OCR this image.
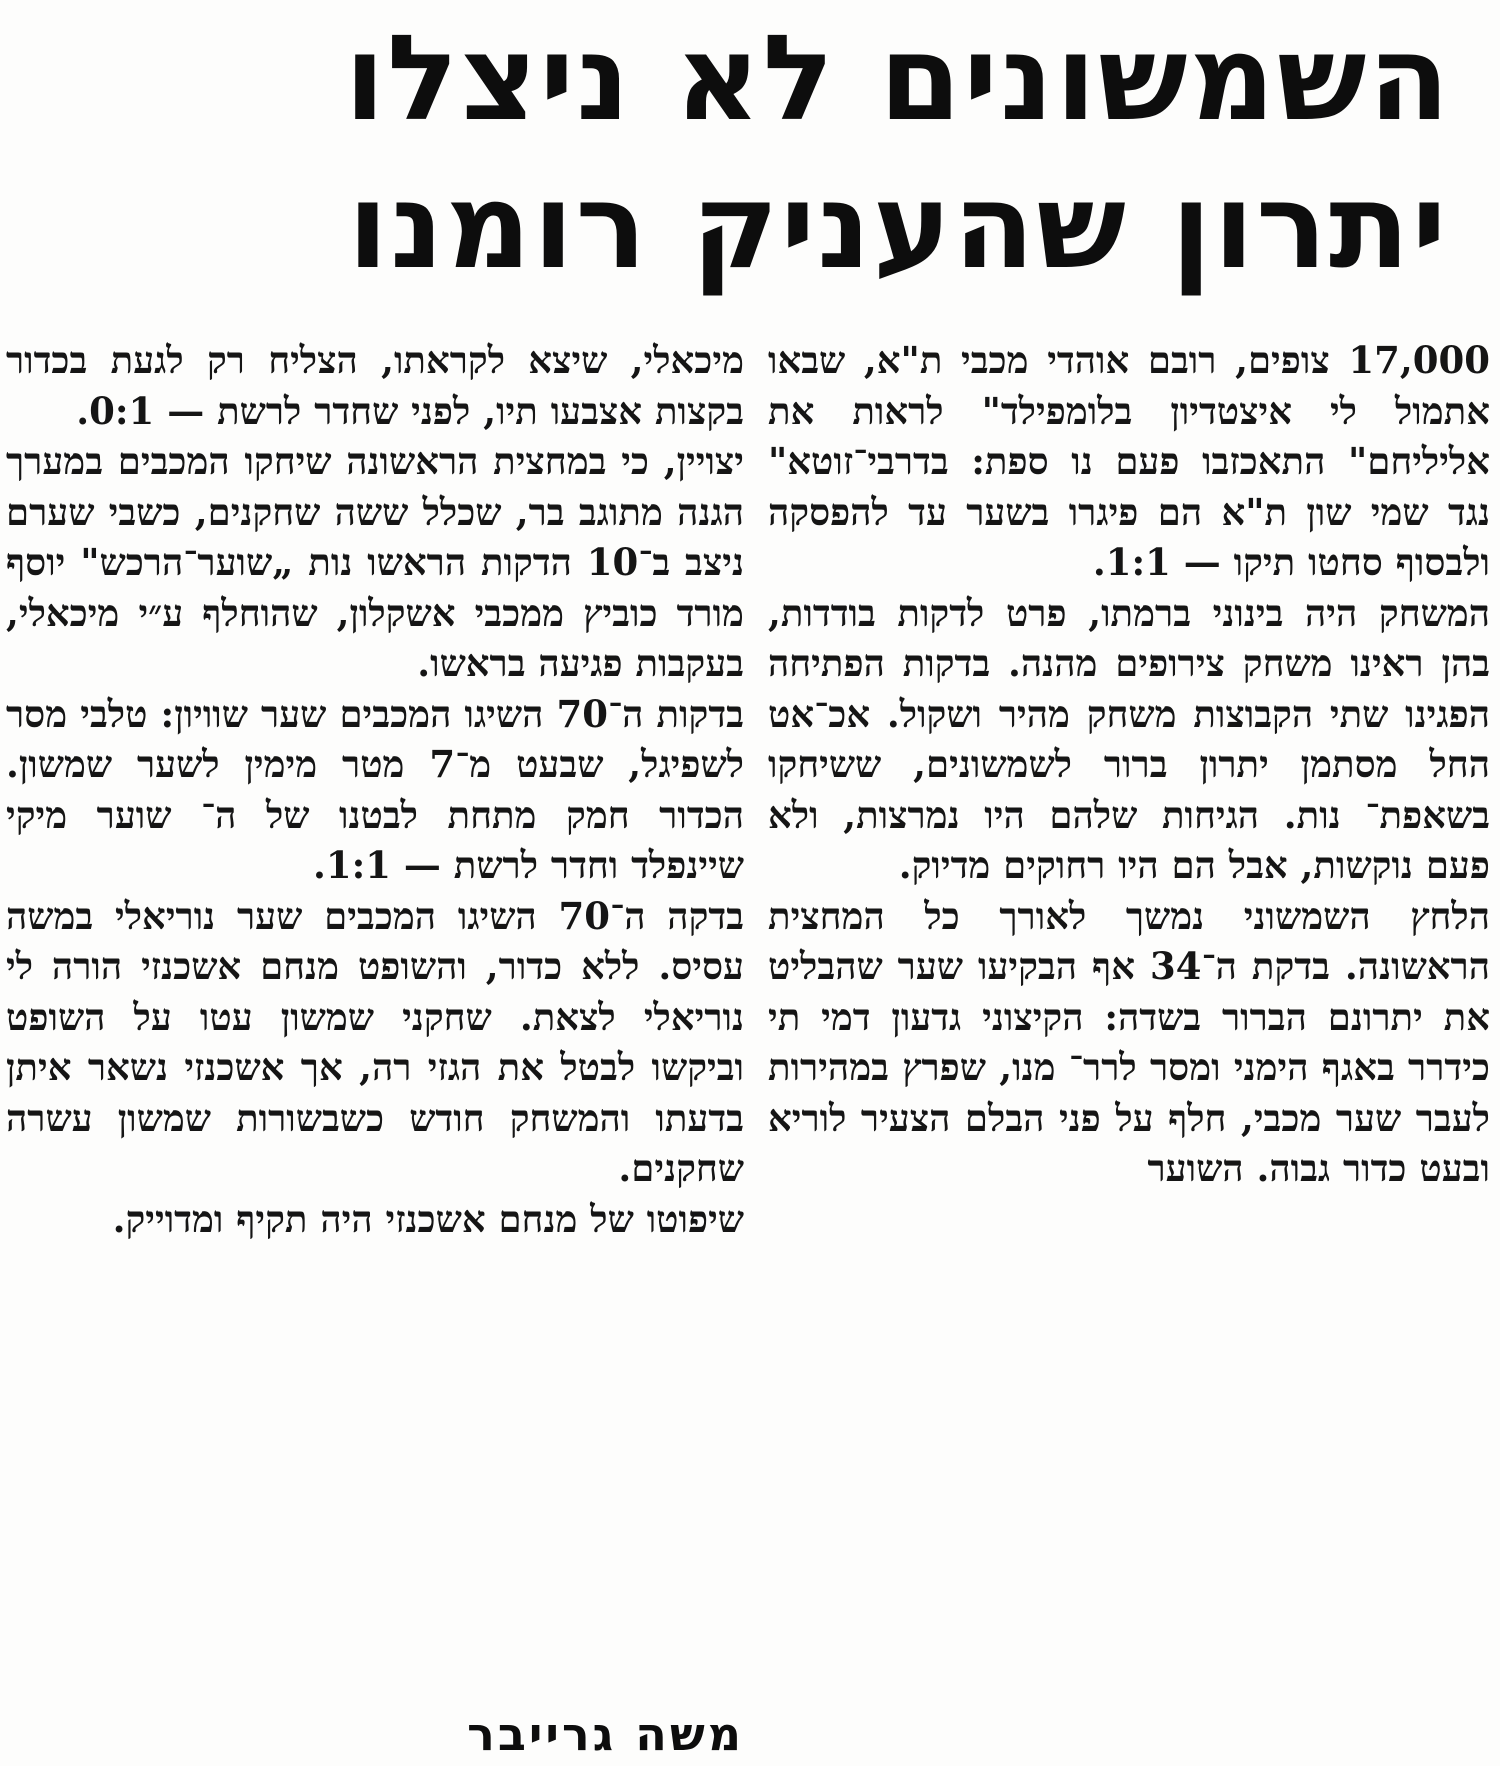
השמשונים לא ניצלו
יתרון שהעניק רומנו

17,000 צופים, רובם אוהדי מכבי ת"א, שבאו אתמול לי איצטדיון בלומפילד" לראות את אליליחם" התאכזבו פעם נו ספת: בדרבי־זוטא" נגד שמי שון ת"א הם פיגרו בשער עד להפסקה ולבסוף סחטו תיקו — 1:1.

המשחק היה בינוני ברמתו, פרט לדקות בודדות, בהן ראינו משחק צירופים מהנה. בדקות הפתיחה הפגינו שתי הקבוצות משחק מהיר ושקול. אכ־אט החל מסתמן יתרון ברור לשמשונים, ששיחקו בשאפת־ נות. הגיחות שלהם היו נמרצות, ולא פעם נוקשות, אבל הם היו רחוקים מדיוק.

הלחץ השמשוני נמשך לאורך כל המחצית הראשונה. בדקת ה־34 אף הבקיעו שער שהבליט את יתרונם הברור בשדה: הקיצוני גדעון דמי תי כידרר באגף הימני ומסר לרר־ מנו, שפרץ במהירות לעבר שער מכבי, חלף על פני הבלם הצעיר לוריא ובעט כדור גבוה. השוער

מיכאלי, שיצא לקראתו, הצליח רק לגעת בכדור בקצות אצבעו תיו, לפני שחדר לרשת — 0:1.

יצויין, כי במחצית הראשונה שיחקו המכבים במערך הגנה מתוגב בר, שכלל ששה שחקנים, כשבי שערם ניצב ב־10 הדקות הראשו נות „שוער־הרכש" יוסף מורד כוביץ ממכבי אשקלון, שהוחלף ע״י מיכאלי, בעקבות פגיעה בראשו.

בדקות ה־70 השיגו המכבים שער שוויון: טלבי מסר לשפיגל, שבעט מ־7 מטר מימין לשער שמשון. הכדור חמק מתחת לבטנו של ה־ שוער מיקי שיינפלד וחדר לרשת — 1:1.

בדקה ה־70 השיגו המכבים שער נוריאלי במשה עסיס. ללא כדור, והשופט מנחם אשכנזי הורה לי נוריאלי לצאת. שחקני שמשון עטו על השופט וביקשו לבטל את הגזי רה, אך אשכנזי נשאר איתן בדעתו והמשחק חודש כשבשורות שמשון עשרה שחקנים.

שיפוטו של מנחם אשכנזי היה תקיף ומדוייק.

משה גרייבר
